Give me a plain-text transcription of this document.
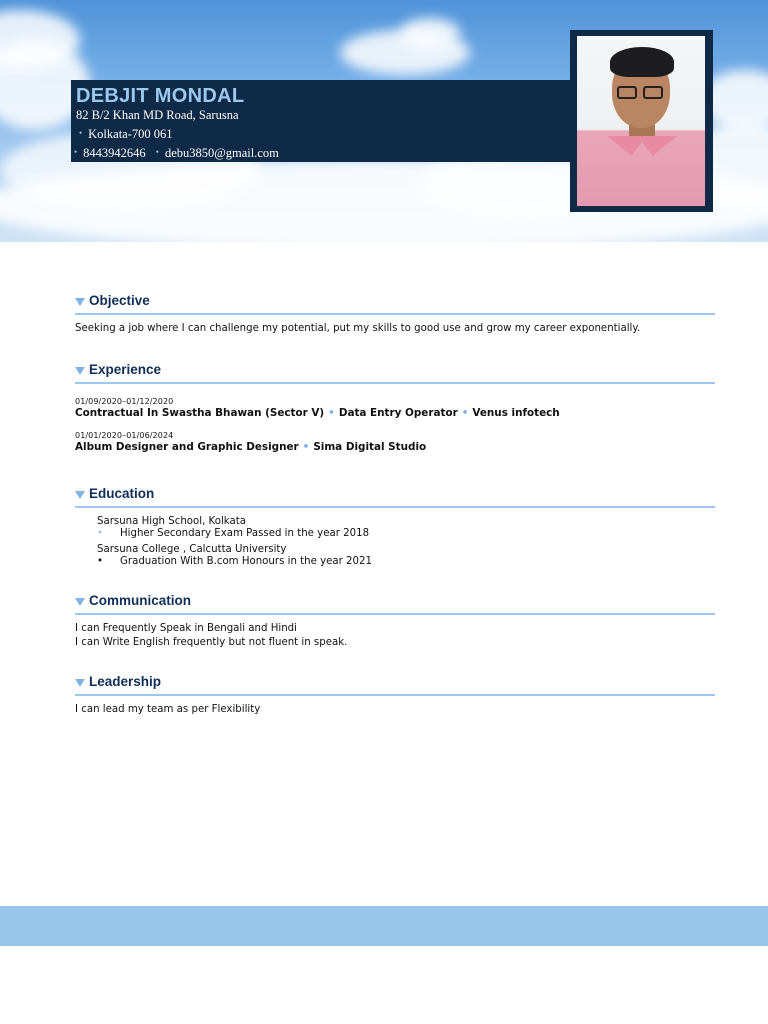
DEBJIT MONDAL
82 B/2 Khan MD Road, Sarusna
• Kolkata-700 061
• 8443942646 • debu3850@gmail.com
Objective
Seeking a job where I can challenge my potential, put my skills to good use and grow my career exponentially.
Experience
01/09/2020–01/12/2020
Contractual In Swastha Bhawan (Sector V) • Data Entry Operator • Venus infotech
01/01/2020–01/06/2024
Album Designer and Graphic Designer • Sima Digital Studio
Education
Sarsuna High School, Kolkata
• Higher Secondary Exam Passed in the year 2018
Sarsuna College , Calcutta University
• Graduation With B.com Honours in the year 2021
Communication
I can Frequently Speak in Bengali and Hindi
I can Write English frequently but not fluent in speak.
Leadership
I can lead my team as per Flexibility
